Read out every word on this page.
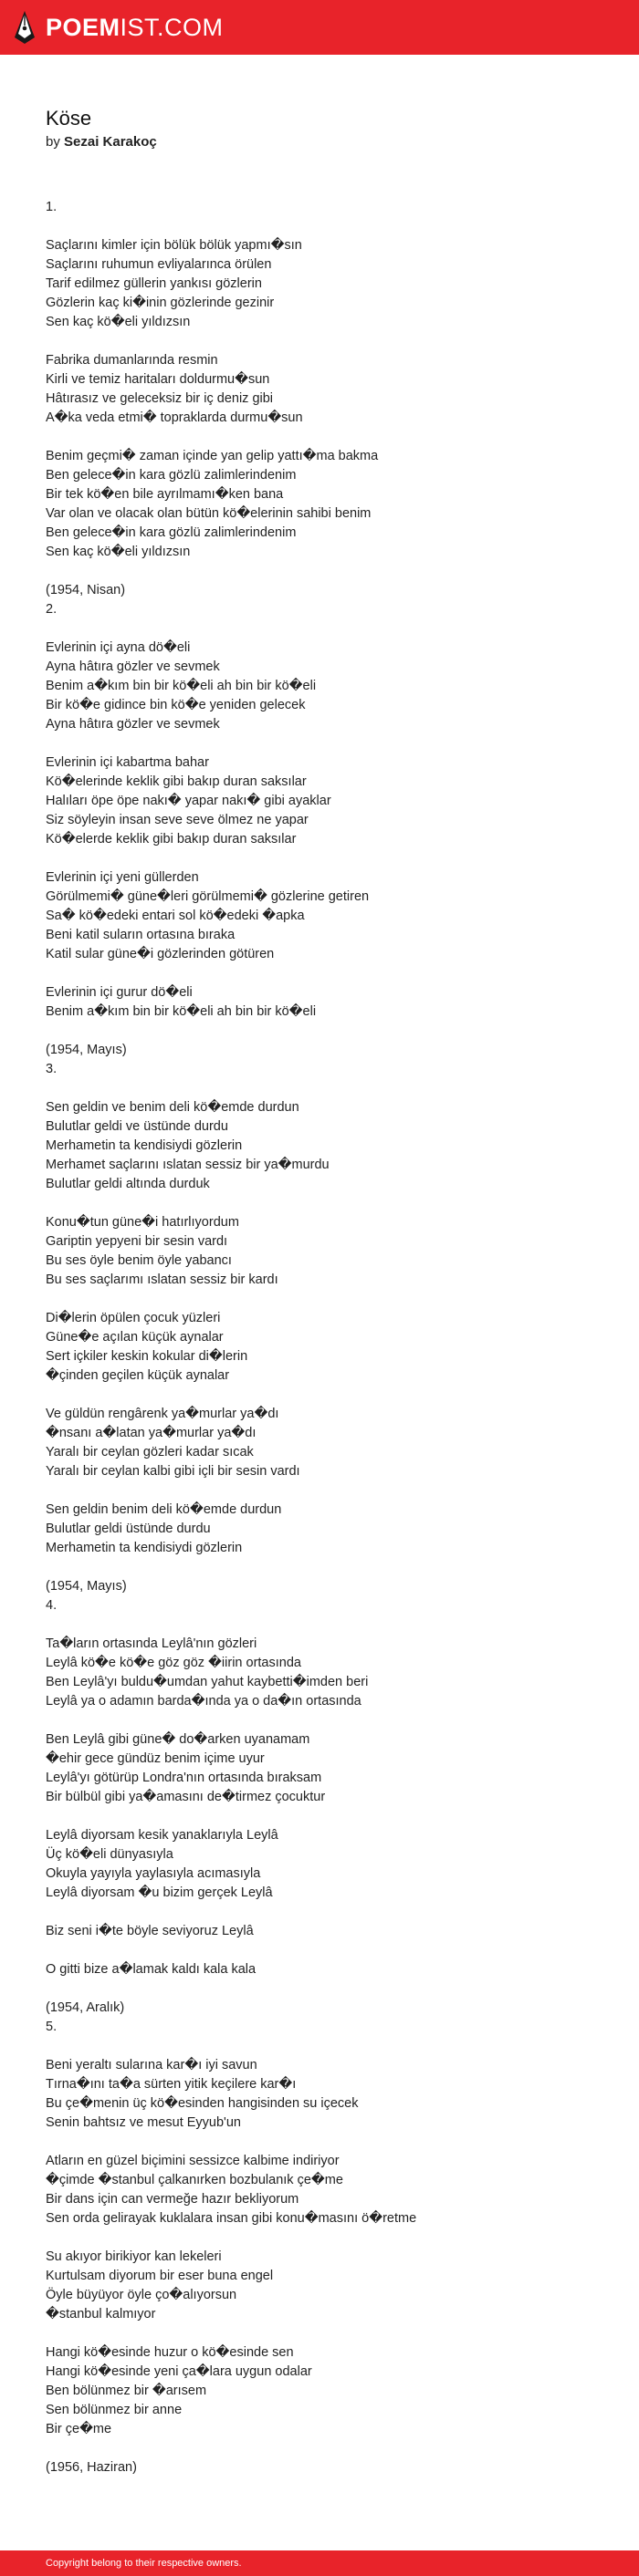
POEMIST.COM
Köse
by Sezai Karakoç
1.
Saçlarını kimler için bölük bölük yapmı�sın
Saçlarını ruhumun evliyalarınca örülen
Tarif edilmez güllerin yankısı gözlerin
Gözlerin kaç ki�inin gözlerinde gezinir
Sen kaç kö�eli yıldızsın
Fabrika dumanlarında resmin
Kirli ve temiz haritaları doldurmu�sun
Hâtırasız ve geleceksiz bir iç deniz gibi
A�ka veda etmi� topraklarda durmu�sun
Benim geçmi� zaman içinde yan gelip yattı�ma bakma
Ben gelece�in kara gözlü zalimlerindenim
Bir tek kö�en bile ayrılmamı�ken bana
Var olan ve olacak olan bütün kö�elerinin sahibi benim
Ben gelece�in kara gözlü zalimlerindenim
Sen kaç kö�eli yıldızsın
(1954, Nisan)
2.
Evlerinin içi ayna dö�eli
Ayna hâtıra gözler ve sevmek
Benim a�kım bin bir kö�eli ah bin bir kö�eli
Bir kö�e gidince bin kö�e yeniden gelecek
Ayna hâtıra gözler ve sevmek
Evlerinin içi kabartma bahar
Kö�elerinde keklik gibi bakıp duran saksılar
Halıları öpe öpe nakı� yapar nakı� gibi ayaklar
Siz söyleyin insan seve seve ölmez ne yapar
Kö�elerde keklik gibi bakıp duran saksılar
Evlerinin içi yeni güllerden
Görülmemi� güne�leri görülmemi� gözlerine getiren
Sa� kö�edeki entari sol kö�edeki �apka
Beni katil suların ortasına bırakа
Katil sular güne�i gözlerinden götüren
Evlerinin içi gurur dö�eli
Benim a�kım bin bir kö�eli ah bin bir kö�eli
(1954, Mayıs)
3.
Sen geldin ve benim deli kö�emde durdun
Bulutlar geldi ve üstünde durdu
Merhametin ta kendisiydi gözlerin
Merhamet saçlarını ıslatan sessiz bir ya�murdu
Bulutlar geldi altında durduk
Konu�tun güne�i hatırlıyordum
Gariptin yepyeni bir sesin vardı
Bu ses öyle benim öyle yabancı
Bu ses saçlarımı ıslatan sessiz bir kardı
Di�lerin öpülen çocuk yüzleri
Güne�e açılan küçük aynalar
Sert içkiler keskin kokular di�lerin
�çinden geçilen küçük aynalar
Ve güldün rengârenk ya�murlar ya�dı
�nsanı a�latan ya�murlar ya�dı
Yaralı bir ceylan gözleri kadar sıcak
Yaralı bir ceylan kalbi gibi içli bir sesin vardı
Sen geldin benim deli kö�emde durdun
Bulutlar geldi üstünde durdu
Merhametin ta kendisiydi gözlerin
(1954, Mayıs)
4.
Ta�ların ortasında Leylâ'nın gözleri
Leylâ kö�e kö�e göz göz �iirin ortasında
Ben Leylâ'yı buldu�umdan yahut kaybetti�imden beri
Leylâ ya o adamın barda�ında ya o da�ın ortasında
Ben Leylâ gibi güne� do�arken uyanamam
�ehir gece gündüz benim içime uyur
Leylâ'yı götürüp Londra'nın ortasında bıraksam
Bir bülbül gibi ya�amasını de�tirmez çocuktur
Leylâ diyorsam kesik yanaklarıyla Leylâ
Üç kö�eli dünyasıyla
Okuyla yayıyla yaylasıyla acımasıyla
Leylâ diyorsam �u bizim gerçek Leylâ
Biz seni i�te böyle seviyoruz Leylâ
O gitti bize a�lamak kaldı kala kala
(1954, Aralık)
5.
Beni yeraltı sularına kar�ı iyi savun
Tırna�ını ta�a sürten yitik keçilere kar�ı
Bu çe�menin üç kö�esinden hangisinden su içecek
Senin bahtsız ve mesut Eyyub'un
Atların en güzel biçimini sessizce kalbime indiriyor
�çimde �stanbul çalkanırken bozbulanık çe�me
Bir dans için can vermeğe hazır bekliyorum
Sen orda gelirayak kuklalara insan gibi konu�masını ö�retme
Su akıyor birikiyor kan lekeleri
Kurtulsam diyorum bir eser buna engel
Öyle büyüyor öyle ço�alıyorsun
�stanbul kalmıyor
Hangi kö�esinde huzur o kö�esinde sen
Hangi kö�esinde yeni ça�lara uygun odalar
Ben bölünmez bir �arısem
Sen bölünmez bir anne
Bir çe�me
(1956, Haziran)
Copyright belong to their respective owners.
